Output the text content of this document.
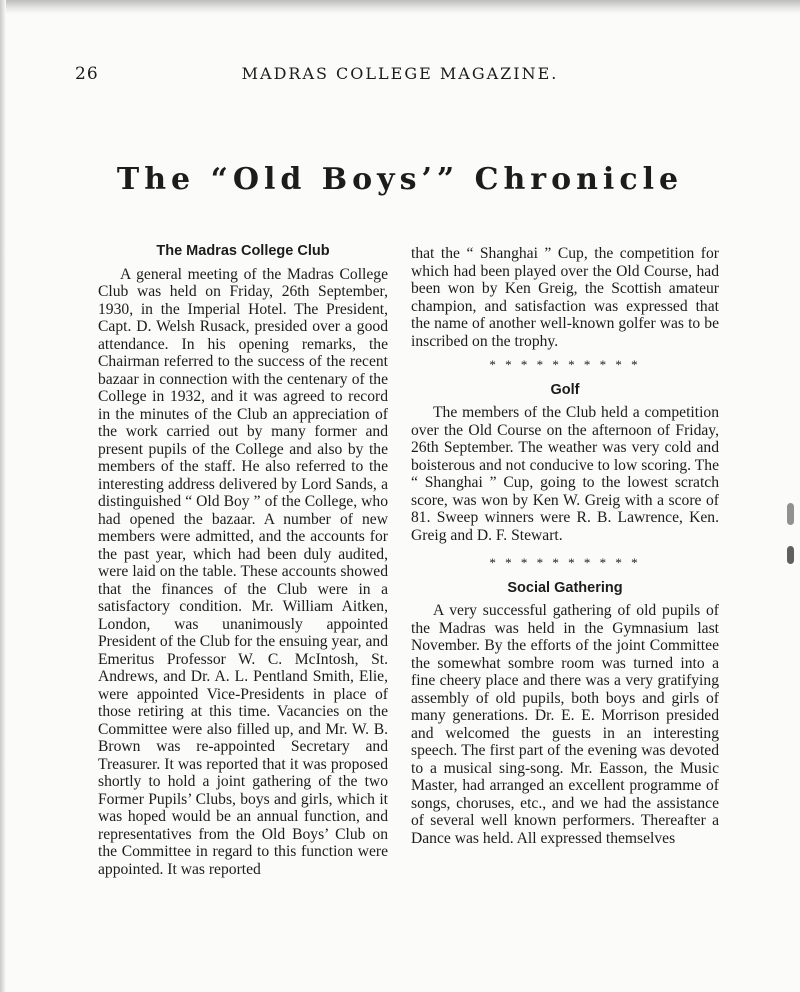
26	MADRAS COLLEGE MAGAZINE.
The “Old Boys’” Chronicle
The Madras College Club

A general meeting of the Madras College Club was held on Friday, 26th September, 1930, in the Imperial Hotel. The President, Capt. D. Welsh Rusack, presided over a good attendance. In his opening remarks, the Chairman referred to the success of the recent bazaar in connection with the centenary of the College in 1932, and it was agreed to record in the minutes of the Club an appreciation of the work carried out by many former and present pupils of the College and also by the members of the staff. He also referred to the interesting address delivered by Lord Sands, a distinguished “ Old Boy ” of the College, who had opened the bazaar. A number of new members were admitted, and the accounts for the past year, which had been duly audited, were laid on the table. These accounts showed that the finances of the Club were in a satisfactory condition. Mr. William Aitken, London, was unanimously appointed President of the Club for the ensuing year, and Emeritus Professor W. C. McIntosh, St. Andrews, and Dr. A. L. Pentland Smith, Elie, were appointed Vice-Presidents in place of those retiring at this time. Vacancies on the Committee were also filled up, and Mr. W. B. Brown was re-appointed Secretary and Treasurer. It was reported that it was proposed shortly to hold a joint gathering of the two Former Pupils’ Clubs, boys and girls, which it was hoped would be an annual function, and representatives from the Old Boys’ Club on the Committee in regard to this function were appointed. It was reported

that the “ Shanghai ” Cup, the competition for which had been played over the Old Course, had been won by Ken Greig, the Scottish amateur champion, and satisfaction was expressed that the name of another well-known golfer was to be inscribed on the trophy.

* * * * * * * * * *
Golf

The members of the Club held a competition over the Old Course on the afternoon of Friday, 26th September. The weather was very cold and boisterous and not conducive to low scoring. The “ Shanghai ” Cup, going to the lowest scratch score, was won by Ken W. Greig with a score of 81. Sweep winners were R. B. Lawrence, Ken. Greig and D. F. Stewart.

* * * * * * * * * *
Social Gathering

A very successful gathering of old pupils of the Madras was held in the Gymnasium last November. By the efforts of the joint Committee the somewhat sombre room was turned into a fine cheery place and there was a very gratifying assembly of old pupils, both boys and girls of many generations. Dr. E. E. Morrison presided and welcomed the guests in an interesting speech. The first part of the evening was devoted to a musical sing-song. Mr. Easson, the Music Master, had arranged an excellent programme of songs, choruses, etc., and we had the assistance of several well known performers. Thereafter a Dance was held. All expressed themselves
